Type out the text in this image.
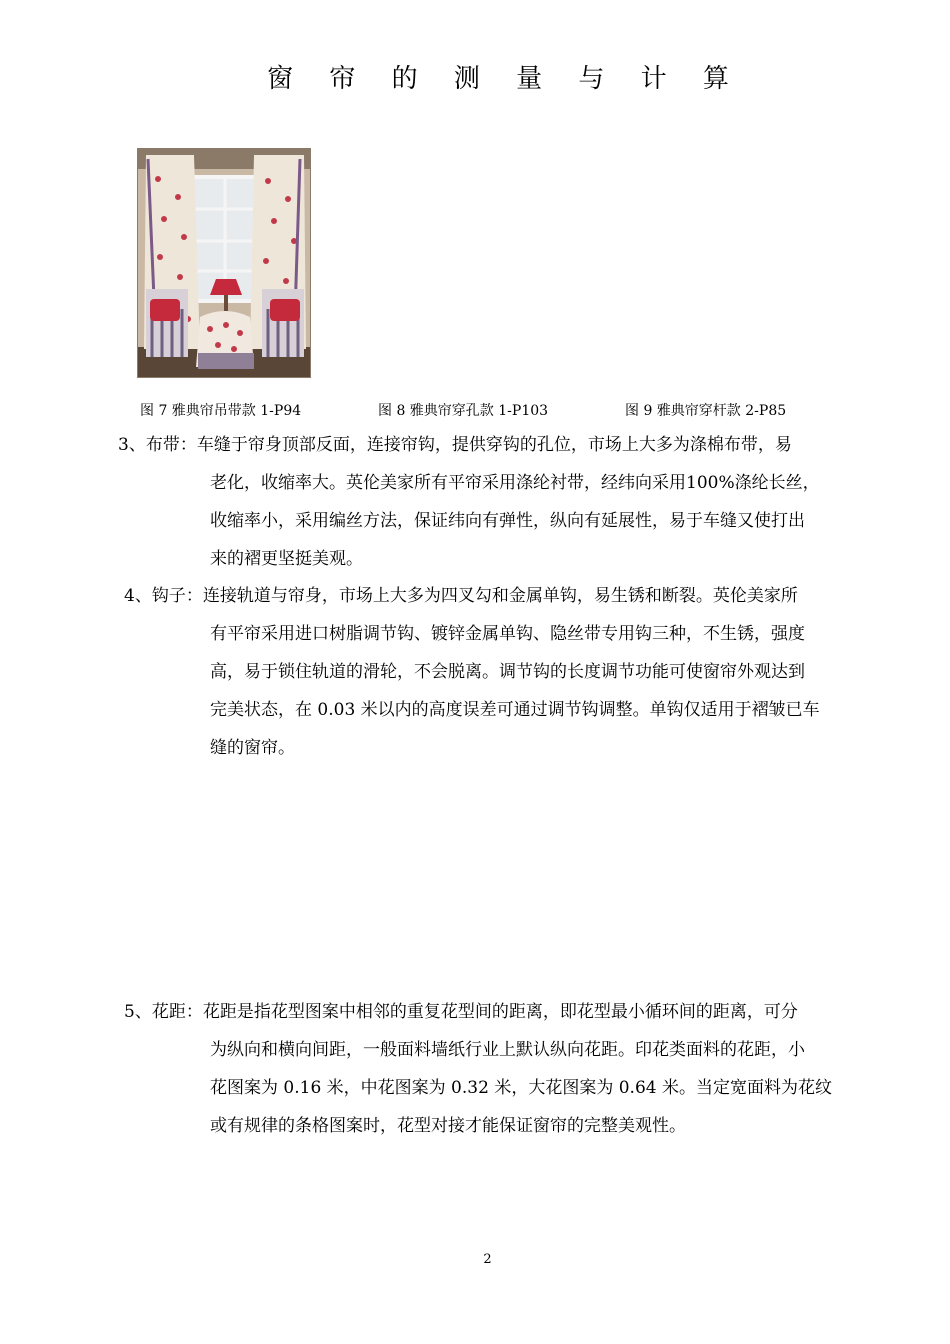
窗 帘 的 测 量 与 计 算
图 7 雅典帘吊带款 1-P94	图 8 雅典帘穿孔款 1-P103	图 9 雅典帘穿杆款 2-P85
3、布带：车缝于帘身顶部反面，连接帘钩，提供穿钩的孔位，市场上大多为涤棉布带，易
老化，收缩率大。英伦美家所有平帘采用涤纶衬带，经纬向采用100%涤纶长丝，
收缩率小，采用编丝方法，保证纬向有弹性，纵向有延展性，易于车缝又使打出
来的褶更坚挺美观。
4、钩子：连接轨道与帘身，市场上大多为四叉勾和金属单钩，易生锈和断裂。英伦美家所
有平帘采用进口树脂调节钩、镀锌金属单钩、隐丝带专用钩三种，不生锈，强度
高，易于锁住轨道的滑轮，不会脱离。调节钩的长度调节功能可使窗帘外观达到
完美状态，在 0.03 米以内的高度误差可通过调节钩调整。单钩仅适用于褶皱已车
缝的窗帘。
5、花距：花距是指花型图案中相邻的重复花型间的距离，即花型最小循环间的距离，可分
为纵向和横向间距，一般面料墙纸行业上默认纵向花距。印花类面料的花距，小
花图案为 0.16 米，中花图案为 0.32 米，大花图案为 0.64 米。当定宽面料为花纹
或有规律的条格图案时，花型对接才能保证窗帘的完整美观性。
2
